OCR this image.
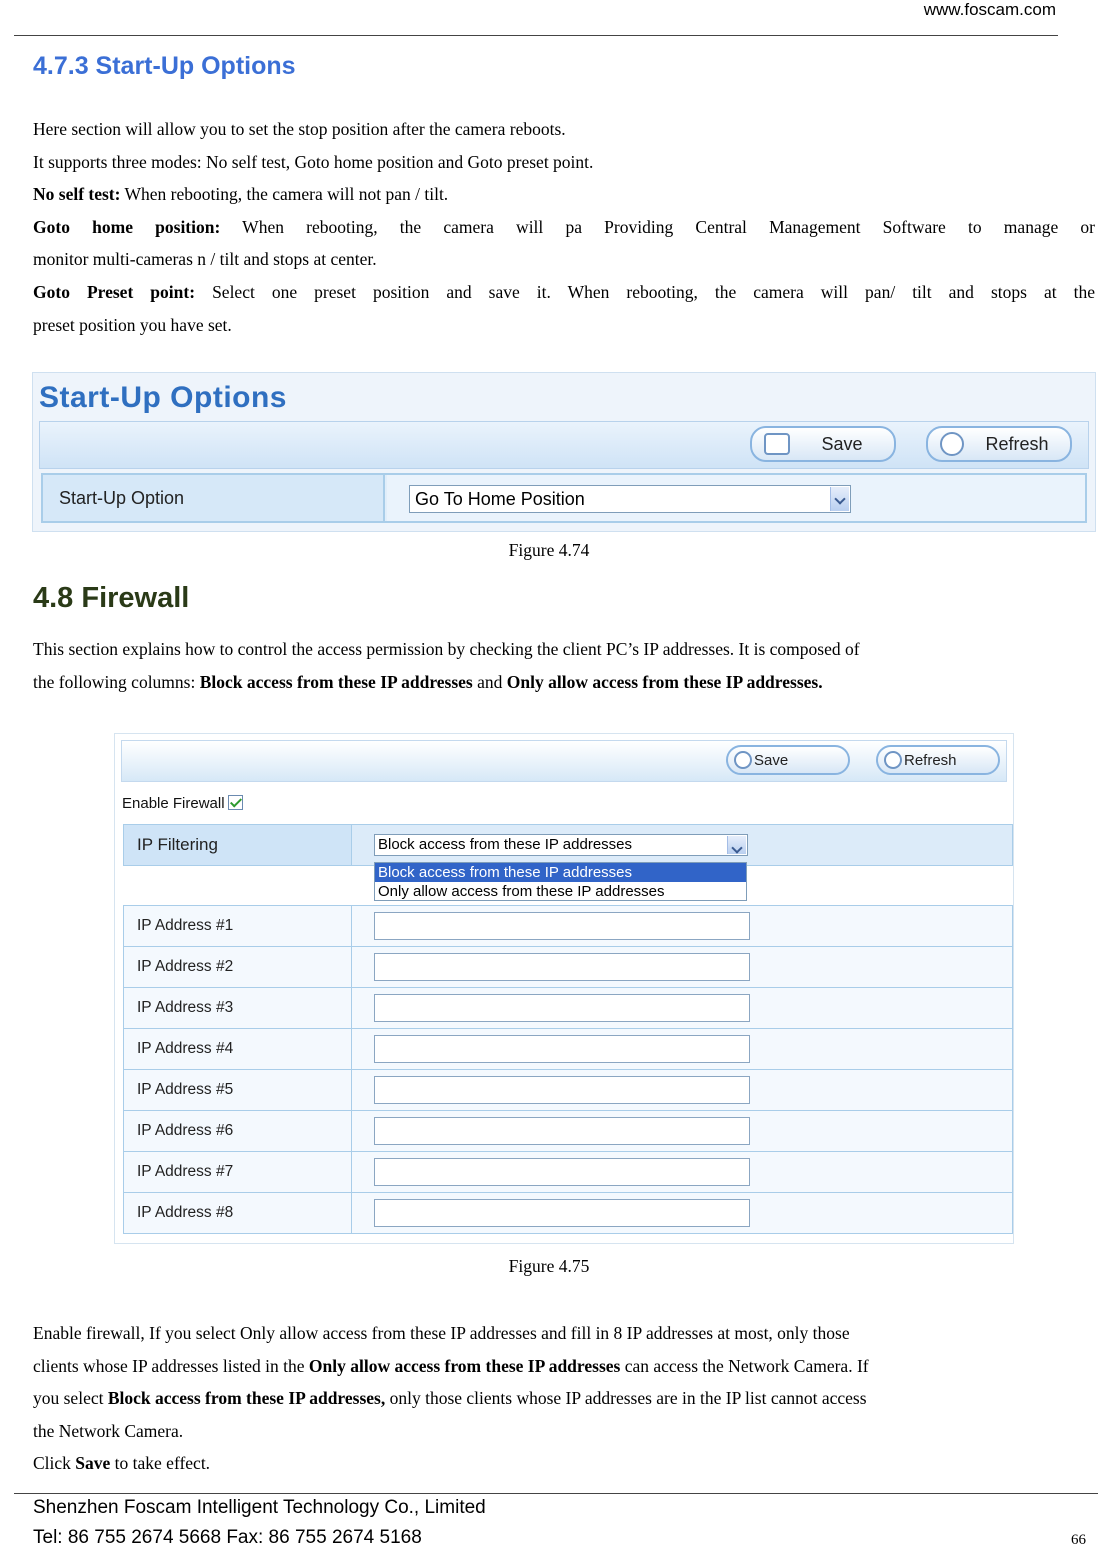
www.foscam.com
4.7.3 Start-Up Options
Here section will allow you to set the stop position after the camera reboots.
It supports three modes: No self test, Goto home position and Goto preset point.
No self test: When rebooting, the camera will not pan / tilt.
Goto home position: When rebooting, the camera will pa Providing Central Management Software to manage or
monitor multi-cameras n / tilt and stops at center.
Goto Preset point: Select one preset position and save it. When rebooting, the camera will pan/ tilt and stops at the
preset position you have set.
Start-Up Options
Save	Refresh
Start-Up Option	Go To Home Position
Figure 4.74
4.8 Firewall
This section explains how to control the access permission by checking the client PC’s IP addresses. It is composed of
the following columns: Block access from these IP addresses and Only allow access from these IP addresses.
Save	Refresh
Enable Firewall
IP Filtering	Block access from these IP addresses
Block access from these IP addresses
Only allow access from these IP addresses
IP Address #1
IP Address #2
IP Address #3
IP Address #4
IP Address #5
IP Address #6
IP Address #7
IP Address #8
Figure 4.75
Enable firewall, If you select Only allow access from these IP addresses and fill in 8 IP addresses at most, only those
clients whose IP addresses listed in the Only allow access from these IP addresses can access the Network Camera. If
you select Block access from these IP addresses, only those clients whose IP addresses are in the IP list cannot access
the Network Camera.
Click Save to take effect.
Shenzhen Foscam Intelligent Technology Co., Limited
Tel: 86 755 2674 5668 Fax: 86 755 2674 5168	66
